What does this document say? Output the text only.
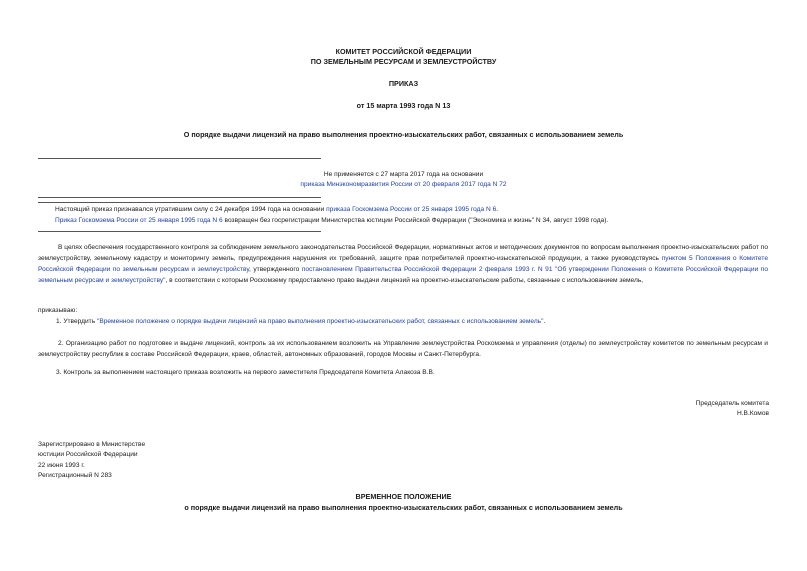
КОМИТЕТ РОССИЙСКОЙ ФЕДЕРАЦИИ
ПО ЗЕМЕЛЬНЫМ РЕСУРСАМ И ЗЕМЛЕУСТРОЙСТВУ
ПРИКАЗ
от 15 марта 1993 года N 13
О порядке выдачи лицензий на право выполнения проектно-изыскательских работ, связанных с использованием земель
Не применяется с 27 марта 2017 года на основании
приказа Минэкономразвития России от 20 февраля 2017 года N 72
Настоящий приказ признавался утратившим силу с 24 декабря 1994 года на основании приказа Госкомзема России от 25 января 1995 года N 6.
Приказ Госкомзема России от 25 января 1995 года N 6 возвращен без госрегистрации Министерства юстиции Российской Федерации ("Экономика и жизнь" N 34, август 1998 года).
В целях обеспечения государственного контроля за соблюдением земельного законодательства Российской Федерации, нормативных актов и методических документов по вопросам выполнения проектно-изыскательских работ по землеустройству, земельному кадастру и мониторингу земель, предупреждения нарушения их требований, защите прав потребителей проектно-изыскательской продукции, а также руководствуясь пунктом 5 Положения о Комитете Российской Федерации по земельным ресурсам и землеустройству, утвержденного постановлением Правительства Российской Федерации 2 февраля 1993 г. N 91 "Об утверждении Положения о Комитете Российской Федерации по земельным ресурсам и землеустройству", в соответствии с которым Роскомзему предоставлено право выдачи лицензий на проектно-изыскательские работы, связанные с использованием земель,
приказываю:
1. Утвердить "Временное положение о порядке выдачи лицензий на право выполнения проектно-изыскательских работ, связанных с использованием земель".
2. Организацию работ по подготовке и выдаче лицензий, контроль за их использованием возложить на Управление землеустройства Роскомзема и управления (отделы) по землеустройству комитетов по земельным ресурсам и землеустройству республик в составе Российской Федерации, краев, областей, автономных образований, городов Москвы и Санкт-Петербурга.
3. Контроль за выполнением настоящего приказа возложить на первого заместителя Председателя Комитета Алакоза В.В.
Председатель комитета
Н.В.Комов
Зарегистрировано в Министерстве
юстиции Российской Федерации
22 июня 1993 г.
Регистрационный N 283
ВРЕМЕННОЕ ПОЛОЖЕНИЕ
о порядке выдачи лицензий на право выполнения проектно-изыскательских работ, связанных с использованием земель
